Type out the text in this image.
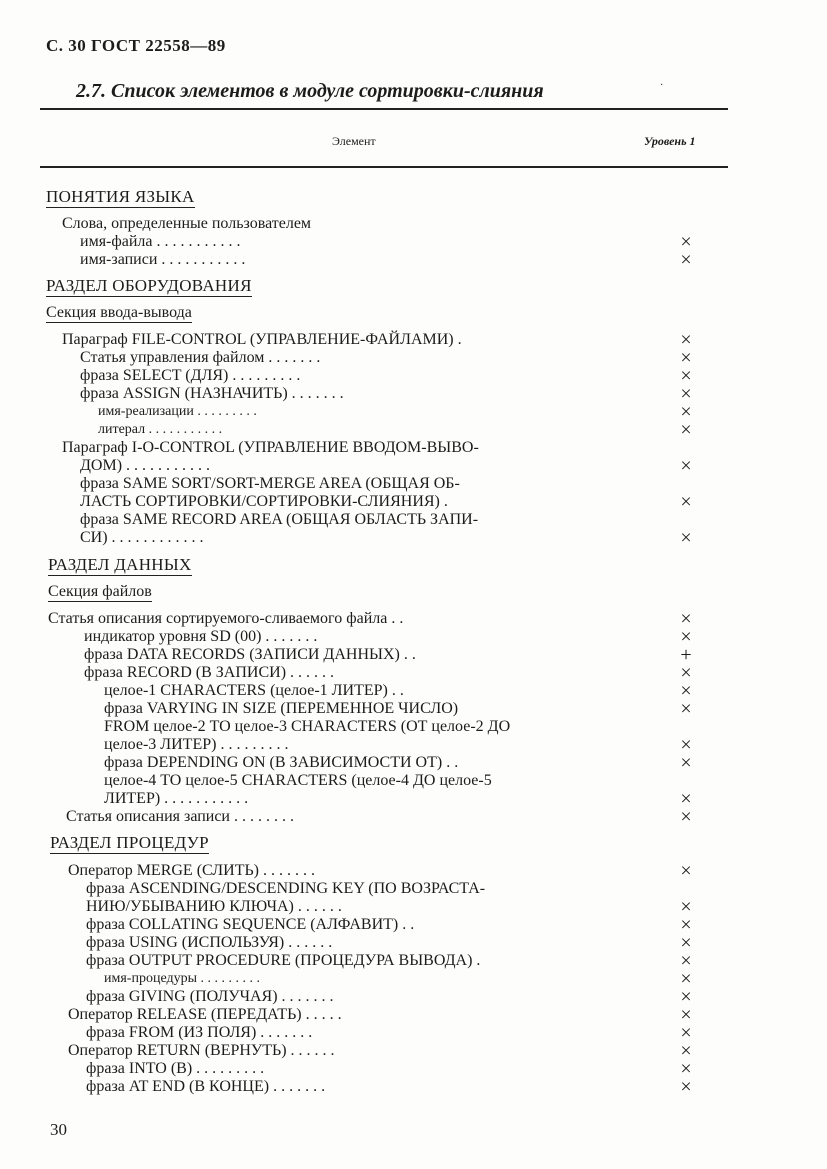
С. 30 ГОСТ 22558—89
·
2.7. Список элементов в модуле сортировки-слияния
Элемент	Уровень 1
ПОНЯТИЯ ЯЗЫКА
Слова, определенные пользователем
имя-файла . . . . . . . . . . .	×
имя-записи . . . . . . . . . . .	×
РАЗДЕЛ ОБОРУДОВАНИЯ
Секция ввода-вывода
Параграф FILE-CONTROL (УПРАВЛЕНИЕ-ФАЙЛАМИ) .	×
Статья управления файлом . . . . . . .	×
фраза SELECT (ДЛЯ) . . . . . . . . .	×
фраза ASSIGN (НАЗНАЧИТЬ) . . . . . . .	×
имя-реализации . . . . . . . . .	×
литерал . . . . . . . . . . .	×
Параграф I-O-CONTROL (УПРАВЛЕНИЕ ВВОДОМ-ВЫВО-
ДОМ) . . . . . . . . . . .	×
фраза SAME SORT/SORT-MERGE AREA (ОБЩАЯ ОБ-
ЛАСТЬ СОРТИРОВКИ/СОРТИРОВКИ-СЛИЯНИЯ) .	×
фраза SAME RECORD AREA (ОБЩАЯ ОБЛАСТЬ ЗАПИ-
СИ) . . . . . . . . . . . .	×
РАЗДЕЛ ДАННЫХ
Секция файлов
Статья описания сортируемого-сливаемого файла . .	×
индикатор уровня SD (00) . . . . . . .	×
фраза DATA RECORDS (ЗАПИСИ ДАННЫХ) . .	+
фраза RECORD (В ЗАПИСИ) . . . . . .	×
целое-1 CHARACTERS (целое-1 ЛИТЕР) . .	×
фраза VARYING IN SIZE (ПЕРЕМЕННОЕ ЧИСЛО)	×
FROM целое-2 TO целое-3 CHARACTERS (ОТ целое-2 ДО
целое-3 ЛИТЕР) . . . . . . . . .	×
фраза DEPENDING ON (В ЗАВИСИМОСТИ ОТ) . .	×
целое-4 TO целое-5 CHARACTERS (целое-4 ДО целое-5
ЛИТЕР) . . . . . . . . . . .	×
Статья описания записи . . . . . . . .	×
РАЗДЕЛ ПРОЦЕДУР
Оператор MERGE (СЛИТЬ) . . . . . . .	×
фраза ASCENDING/DESCENDING KEY (ПО ВОЗРАСТА-
НИЮ/УБЫВАНИЮ КЛЮЧА) . . . . . .	×
фраза COLLATING SEQUENCE (АЛФАВИТ) . .	×
фраза USING (ИСПОЛЬЗУЯ) . . . . . .	×
фраза OUTPUT PROCEDURE (ПРОЦЕДУРА ВЫВОДА) .	×
имя-процедуры . . . . . . . . .	×
фраза GIVING (ПОЛУЧАЯ) . . . . . . .	×
Оператор RELEASE (ПЕРЕДАТЬ) . . . . .	×
фраза FROM (ИЗ ПОЛЯ) . . . . . . .	×
Оператор RETURN (ВЕРНУТЬ) . . . . . .	×
фраза INTO (В) . . . . . . . . .	×
фраза AT END (В КОНЦЕ) . . . . . . .	×
30
